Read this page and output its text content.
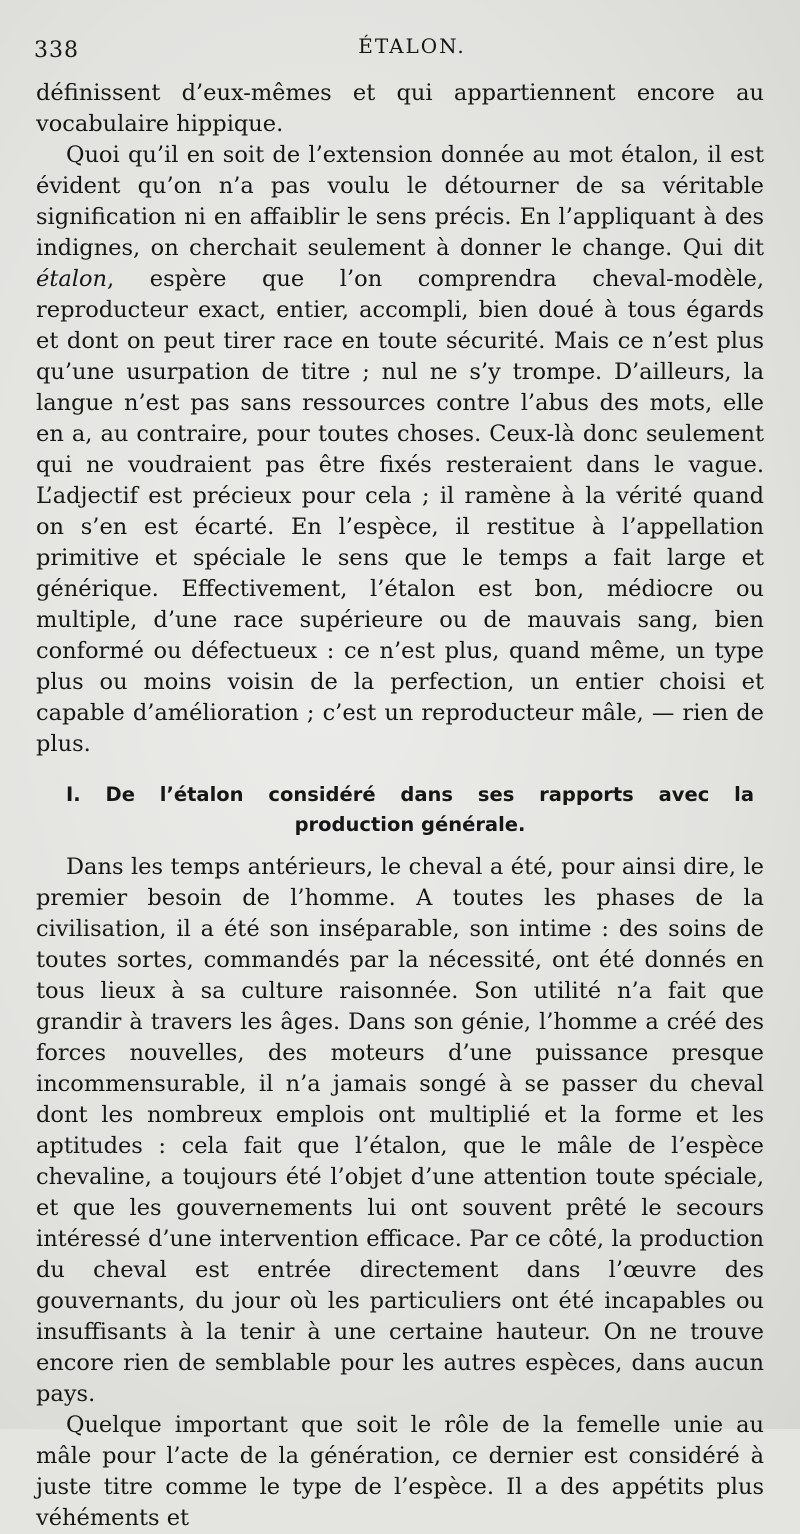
338	ÉTALON.

définissent d’eux-mêmes et qui appartiennent encore au vocabulaire hippique.

Quoi qu’il en soit de l’extension donnée au mot étalon, il est évident qu’on n’a pas voulu le détourner de sa véritable signification ni en affaiblir le sens précis. En l’appliquant à des indignes, on cherchait seulement à donner le change. Qui dit étalon, espère que l’on comprendra cheval-modèle, reproducteur exact, entier, accompli, bien doué à tous égards et dont on peut tirer race en toute sécurité. Mais ce n’est plus qu’une usurpation de titre ; nul ne s’y trompe. D’ailleurs, la langue n’est pas sans ressources contre l’abus des mots, elle en a, au contraire, pour toutes choses. Ceux-là donc seulement qui ne voudraient pas être fixés resteraient dans le vague. L’adjectif est précieux pour cela ; il ramène à la vérité quand on s’en est écarté. En l’espèce, il restitue à l’appellation primitive et spéciale le sens que le temps a fait large et générique. Effectivement, l’étalon est bon, médiocre ou multiple, d’une race supérieure ou de mauvais sang, bien conformé ou défectueux : ce n’est plus, quand même, un type plus ou moins voisin de la perfection, un entier choisi et capable d’amélioration ; c’est un reproducteur mâle, — rien de plus.

I. De l’étalon considéré dans ses rapports avec la
production générale.

Dans les temps antérieurs, le cheval a été, pour ainsi dire, le premier besoin de l’homme. A toutes les phases de la civilisation, il a été son inséparable, son intime : des soins de toutes sortes, commandés par la nécessité, ont été donnés en tous lieux à sa culture raisonnée. Son utilité n’a fait que grandir à travers les âges. Dans son génie, l’homme a créé des forces nouvelles, des moteurs d’une puissance presque incommensurable, il n’a jamais songé à se passer du cheval dont les nombreux emplois ont multiplié et la forme et les aptitudes : cela fait que l’étalon, que le mâle de l’espèce chevaline, a toujours été l’objet d’une attention toute spéciale, et que les gouvernements lui ont souvent prêté le secours intéressé d’une intervention efficace. Par ce côté, la production du cheval est entrée directement dans l’œuvre des gouvernants, du jour où les particuliers ont été incapables ou insuffisants à la tenir à une certaine hauteur. On ne trouve encore rien de semblable pour les autres espèces, dans aucun pays.

Quelque important que soit le rôle de la femelle unie au mâle pour l’acte de la génération, ce dernier est considéré à juste titre comme le type de l’espèce. Il a des appétits plus véhéments et
